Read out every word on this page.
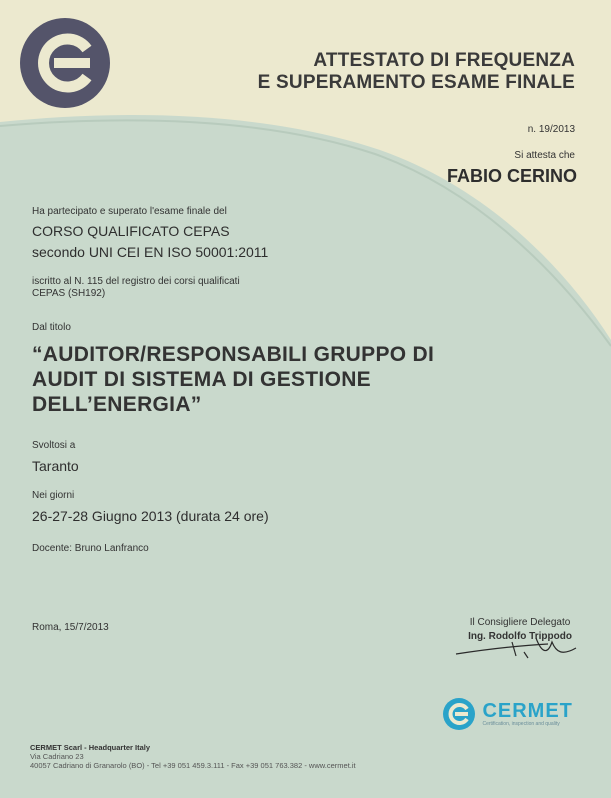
ATTESTATO DI FREQUENZA
E SUPERAMENTO ESAME FINALE
n. 19/2013
Si attesta che
FABIO CERINO
Ha partecipato e superato l'esame finale del
CORSO QUALIFICATO CEPAS
secondo UNI CEI EN ISO 50001:2011
iscritto al N. 115 del registro dei corsi qualificati
CEPAS (SH192)
Dal titolo
“AUDITOR/RESPONSABILI GRUPPO DI
AUDIT DI SISTEMA DI GESTIONE
DELL’ENERGIA”
Svoltosi a
Taranto
Nei giorni
26-27-28 Giugno 2013 (durata 24 ore)
Docente: Bruno Lanfranco
Roma, 15/7/2013	Il Consigliere Delegato
Ing. Rodolfo Trippodo

CERMET
Certification, inspection and quality
CERMET Scarl - Headquarter Italy
Via Cadriano 23
40057 Cadriano di Granarolo (BO) - Tel +39 051 459.3.111 - Fax +39 051 763.382 - www.cermet.it
